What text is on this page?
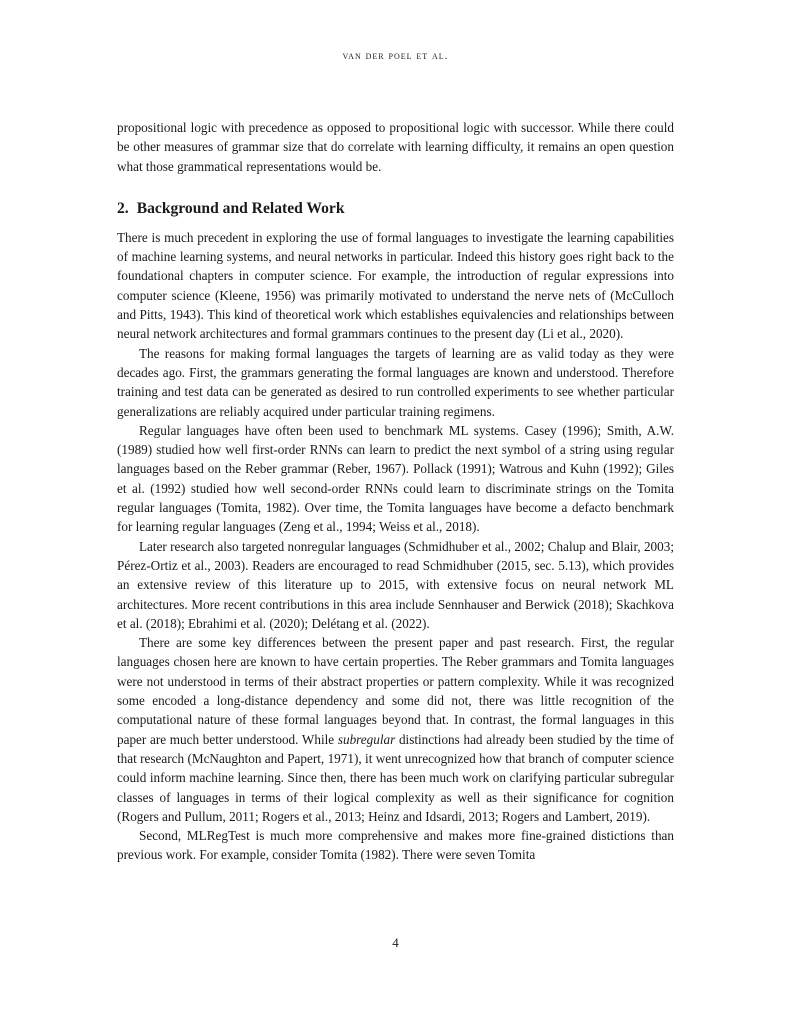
van der poel et al.

propositional logic with precedence as opposed to propositional logic with successor. While there could be other measures of grammar size that do correlate with learning difficulty, it remains an open question what those grammatical representations would be.

2. Background and Related Work

There is much precedent in exploring the use of formal languages to investigate the learning capabilities of machine learning systems, and neural networks in particular. Indeed this history goes right back to the foundational chapters in computer science. For example, the introduction of regular expressions into computer science (Kleene, 1956) was primarily motivated to understand the nerve nets of (McCulloch and Pitts, 1943). This kind of theoretical work which establishes equivalencies and relationships between neural network architectures and formal grammars continues to the present day (Li et al., 2020).

The reasons for making formal languages the targets of learning are as valid today as they were decades ago. First, the grammars generating the formal languages are known and understood. Therefore training and test data can be generated as desired to run controlled experiments to see whether particular generalizations are reliably acquired under particular training regimens.

Regular languages have often been used to benchmark ML systems. Casey (1996); Smith, A.W. (1989) studied how well first-order RNNs can learn to predict the next symbol of a string using regular languages based on the Reber grammar (Reber, 1967). Pollack (1991); Watrous and Kuhn (1992); Giles et al. (1992) studied how well second-order RNNs could learn to discriminate strings on the Tomita regular languages (Tomita, 1982). Over time, the Tomita languages have become a defacto benchmark for learning regular languages (Zeng et al., 1994; Weiss et al., 2018).

Later research also targeted nonregular languages (Schmidhuber et al., 2002; Chalup and Blair, 2003; Pérez-Ortiz et al., 2003). Readers are encouraged to read Schmidhuber (2015, sec. 5.13), which provides an extensive review of this literature up to 2015, with extensive focus on neural network ML architectures. More recent contributions in this area include Sennhauser and Berwick (2018); Skachkova et al. (2018); Ebrahimi et al. (2020); Delétang et al. (2022).

There are some key differences between the present paper and past research. First, the regular languages chosen here are known to have certain properties. The Reber grammars and Tomita languages were not understood in terms of their abstract properties or pattern complexity. While it was recognized some encoded a long-distance dependency and some did not, there was little recognition of the computational nature of these formal languages beyond that. In contrast, the formal languages in this paper are much better understood. While subregular distinctions had already been studied by the time of that research (McNaughton and Papert, 1971), it went unrecognized how that branch of computer science could inform machine learning. Since then, there has been much work on clarifying particular subregular classes of languages in terms of their logical complexity as well as their significance for cognition (Rogers and Pullum, 2011; Rogers et al., 2013; Heinz and Idsardi, 2013; Rogers and Lambert, 2019).

Second, MLRegTest is much more comprehensive and makes more fine-grained distictions than previous work. For example, consider Tomita (1982). There were seven Tomita

4
